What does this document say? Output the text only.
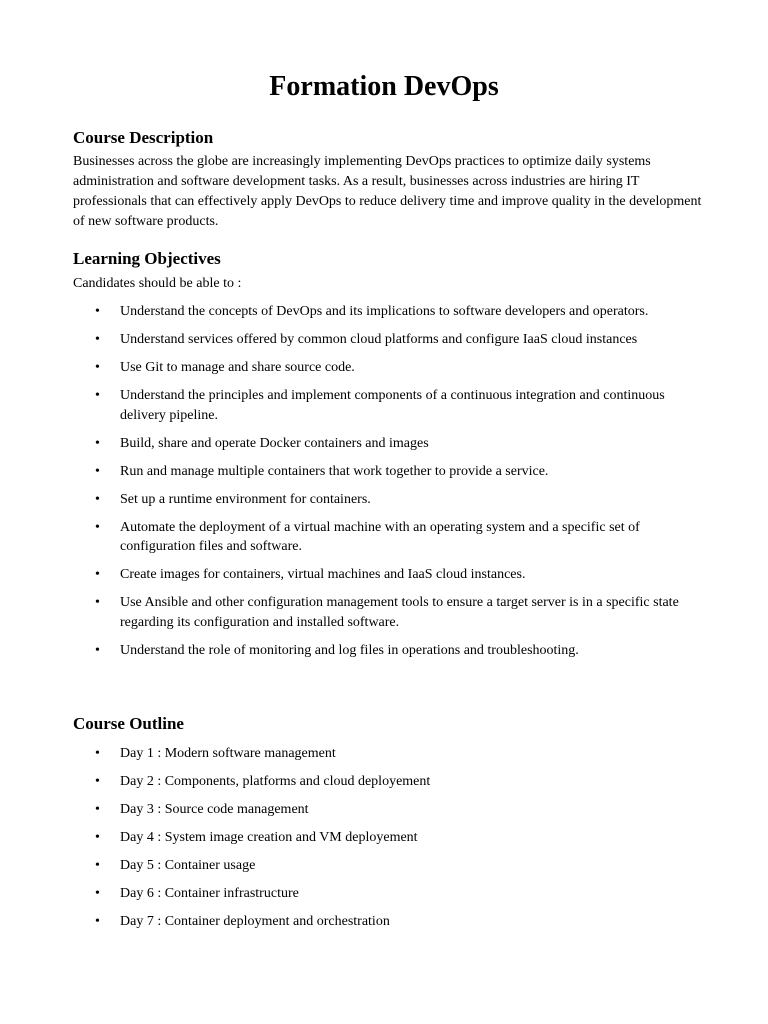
Formation DevOps
Course Description

Businesses across the globe are increasingly implementing DevOps practices to optimize daily systems administration and software development tasks. As a result, businesses across industries are hiring IT professionals that can effectively apply DevOps to reduce delivery time and improve quality in the development of new software products.

Learning Objectives

Candidates should be able to :

• Understand the concepts of DevOps and its implications to software developers and operators.
• Understand services offered by common cloud platforms and configure IaaS cloud instances
• Use Git to manage and share source code.
• Understand the principles and implement components of a continuous integration and continuous delivery pipeline.
• Build, share and operate Docker containers and images
• Run and manage multiple containers that work together to provide a service.
• Set up a runtime environment for containers.
• Automate the deployment of a virtual machine with an operating system and a specific set of configuration files and software.
• Create images for containers, virtual machines and IaaS cloud instances.
• Use Ansible and other configuration management tools to ensure a target server is in a specific state regarding its configuration and installed software.
• Understand the role of monitoring and log files in operations and troubleshooting.
Course Outline
• Day 1 : Modern software management
• Day 2 : Components, platforms and cloud deployement
• Day 3 : Source code management
• Day 4 : System image creation and VM deployement
• Day 5 : Container usage
• Day 6 : Container infrastructure
• Day 7 : Container deployment and orchestration
